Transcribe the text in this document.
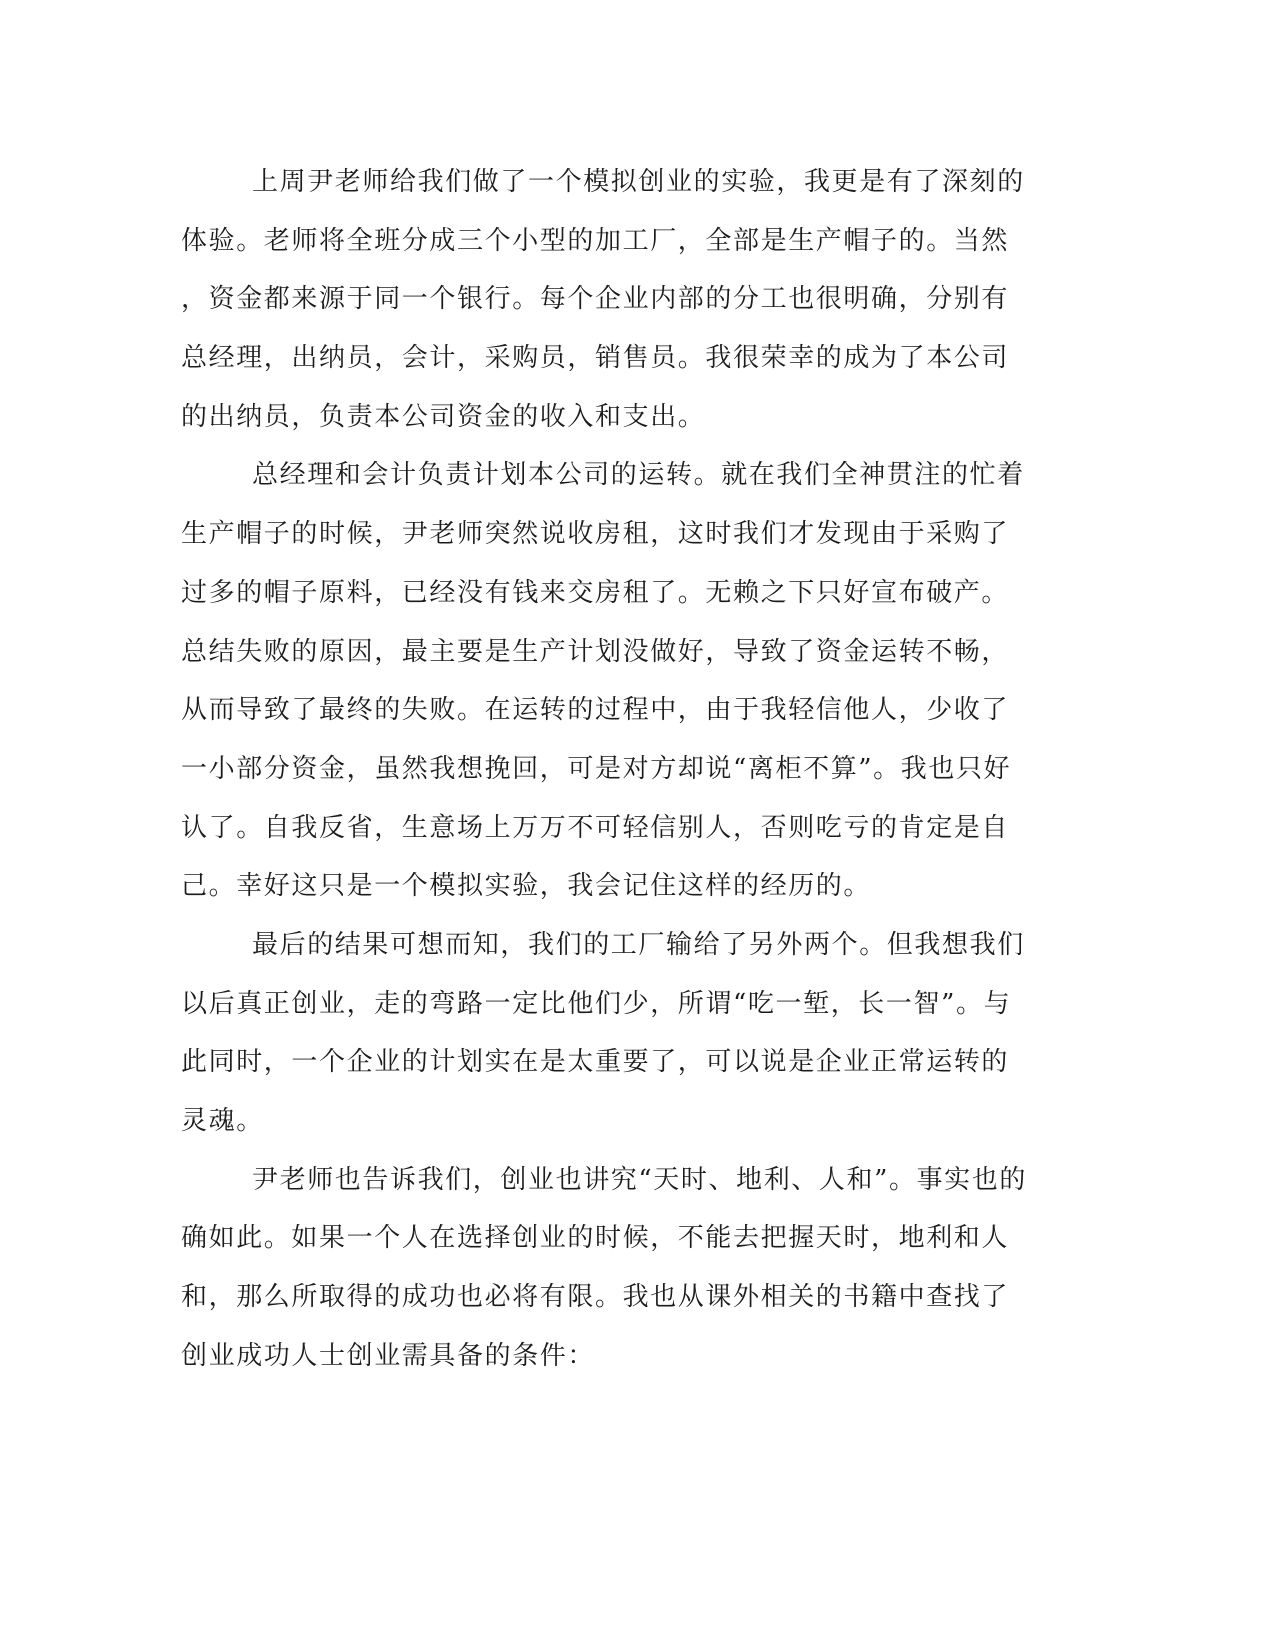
上周尹老师给我们做了一个模拟创业的实验，我更是有了深刻的
体验。老师将全班分成三个小型的加工厂，全部是生产帽子的。当然
，资金都来源于同一个银行。每个企业内部的分工也很明确，分别有
总经理，出纳员，会计，采购员，销售员。我很荣幸的成为了本公司
的出纳员，负责本公司资金的收入和支出。
总经理和会计负责计划本公司的运转。就在我们全神贯注的忙着
生产帽子的时候，尹老师突然说收房租，这时我们才发现由于采购了
过多的帽子原料，已经没有钱来交房租了。无赖之下只好宣布破产。
总结失败的原因，最主要是生产计划没做好，导致了资金运转不畅，
从而导致了最终的失败。在运转的过程中，由于我轻信他人，少收了
一小部分资金，虽然我想挽回，可是对方却说“离柜不算”。我也只好
认了。自我反省，生意场上万万不可轻信别人，否则吃亏的肯定是自
己。幸好这只是一个模拟实验，我会记住这样的经历的。
最后的结果可想而知，我们的工厂输给了另外两个。但我想我们
以后真正创业，走的弯路一定比他们少，所谓“吃一堑，长一智”。与
此同时，一个企业的计划实在是太重要了，可以说是企业正常运转的
灵魂。
尹老师也告诉我们，创业也讲究“天时、地利、人和”。事实也的
确如此。如果一个人在选择创业的时候，不能去把握天时，地利和人
和，那么所取得的成功也必将有限。我也从课外相关的书籍中查找了
创业成功人士创业需具备的条件：
